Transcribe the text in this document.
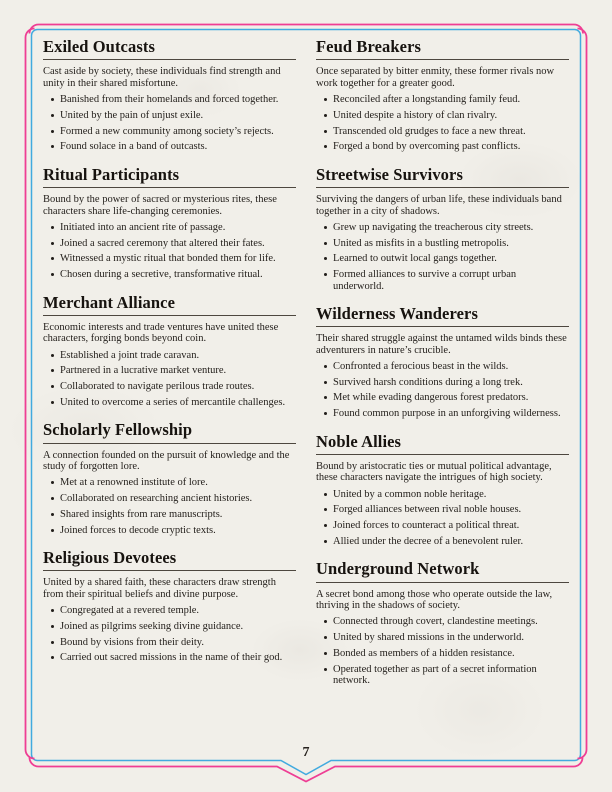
Exiled Outcasts

Cast aside by society, these individuals find strength and unity in their shared misfortune.

Banished from their homelands and forced together.
United by the pain of unjust exile.
Formed a new community among society’s rejects.
Found solace in a band of outcasts.
Ritual Participants

Bound by the power of sacred or mysterious rites, these characters share life-changing ceremonies.

Initiated into an ancient rite of passage.
Joined a sacred ceremony that altered their fates.
Witnessed a mystic ritual that bonded them for life.
Chosen during a secretive, transformative ritual.
Merchant Alliance

Economic interests and trade ventures have united these characters, forging bonds beyond coin.

Established a joint trade caravan.
Partnered in a lucrative market venture.
Collaborated to navigate perilous trade routes.
United to overcome a series of mercantile challenges.
Scholarly Fellowship

A connection founded on the pursuit of knowledge and the study of forgotten lore.

Met at a renowned institute of lore.
Collaborated on researching ancient histories.
Shared insights from rare manuscripts.
Joined forces to decode cryptic texts.
Religious Devotees

United by a shared faith, these characters draw strength from their spiritual beliefs and divine purpose.

Congregated at a revered temple.
Joined as pilgrims seeking divine guidance.
Bound by visions from their deity.
Carried out sacred missions in the name of their god.
Feud Breakers

Once separated by bitter enmity, these former rivals now work together for a greater good.

Reconciled after a longstanding family feud.
United despite a history of clan rivalry.
Transcended old grudges to face a new threat.
Forged a bond by overcoming past conflicts.
Streetwise Survivors

Surviving the dangers of urban life, these individuals band together in a city of shadows.

Grew up navigating the treacherous city streets.
United as misfits in a bustling metropolis.
Learned to outwit local gangs together.
Formed alliances to survive a corrupt urban underworld.
Wilderness Wanderers

Their shared struggle against the untamed wilds binds these adventurers in nature’s crucible.

Confronted a ferocious beast in the wilds.
Survived harsh conditions during a long trek.
Met while evading dangerous forest predators.
Found common purpose in an unforgiving wilderness.
Noble Allies

Bound by aristocratic ties or mutual political advantage, these characters navigate the intrigues of high society.

United by a common noble heritage.
Forged alliances between rival noble houses.
Joined forces to counteract a political threat.
Allied under the decree of a benevolent ruler.
Underground Network

A secret bond among those who operate outside the law, thriving in the shadows of society.

Connected through covert, clandestine meetings.
United by shared missions in the underworld.
Bonded as members of a hidden resistance.
Operated together as part of a secret information network.
7
